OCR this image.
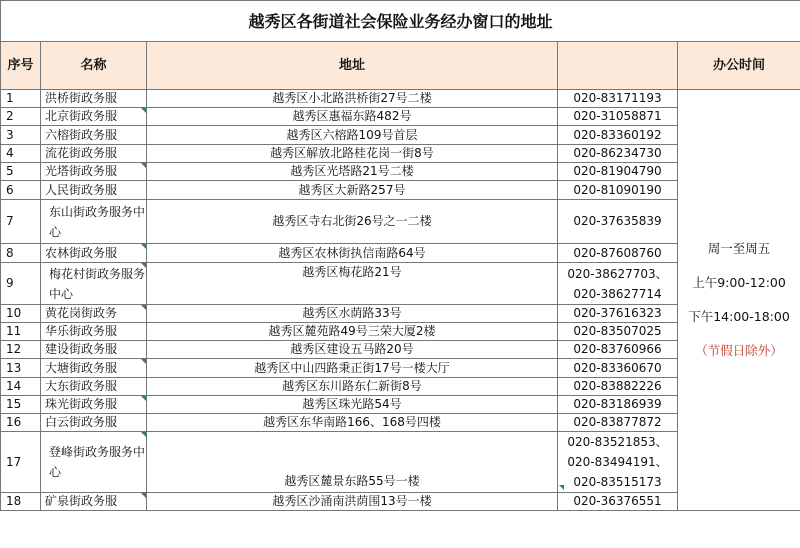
越秀区各街道社会保险业务经办窗口的地址				
序号	名称	地址		办公时间
1	洪桥街政务服	越秀区小北路洪桥街27号二楼	020-83171193	周一至周五
上午9:00-12:00
下午14:00-18:00
（节假日除外）

2	北京街政务服	越秀区惠福东路482号	020-31058871	

3	六榕街政务服	越秀区六榕路109号首层	020-83360192	

4	流花街政务服	越秀区解放北路桂花岗一街8号	020-86234730	

5	光塔街政务服	越秀区光塔路21号二楼	020-81904790	

6	人民街政务服	越秀区大新路257号	020-81090190	

7	东山街政务服务中心	越秀区寺右北街26号之一二楼	020-37635839	

8	农林街政务服	越秀区农林街执信南路64号	020-87608760	

9	梅花村街政务服务中心	越秀区梅花路21号	020-38627703、
020-38627714	

10	黄花岗街政务	越秀区水荫路33号	020-37616323	

11	华乐街政务服	越秀区麓苑路49号三荣大厦2楼	020-83507025	

12	建设街政务服	越秀区建设五马路20号	020-83760966	

13	大塘街政务服	越秀区中山四路秉正街17号一楼大厅	020-83360670	

14	大东街政务服	越秀区东川路东仁新街8号	020-83882226	

15	珠光街政务服	越秀区珠光路54号	020-83186939	

16	白云街政务服	越秀区东华南路166、168号四楼	020-83877872	

17	登峰街政务服务中心	越秀区麓景东路55号一楼	020-83521853、
020-83494191、
020-83515173	

18	矿泉街政务服	越秀区沙涌南洪荫围13号一楼	020-36376551	
